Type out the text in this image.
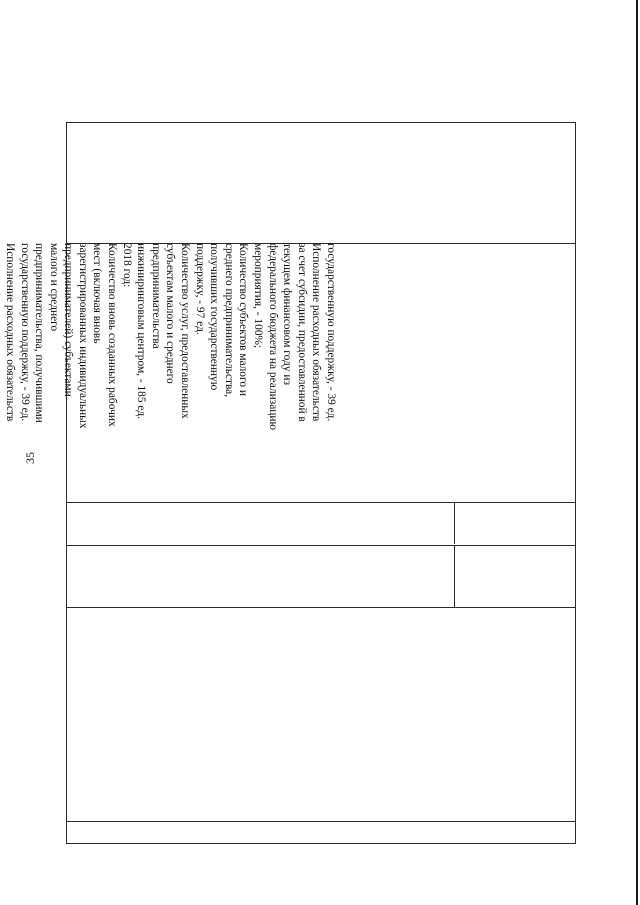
35
государственную поддержку, - 39 ед.
Исполнение расходных обязательств
за счет субсидии, предоставленной в
текущем финансовом году из
федерального бюджета на реализацию
мероприятия, - 100%;
Количество субъектов малого и
среднего предпринимательства,
получивших государственную
поддержку, - 97 ед.
Количество услуг, предоставленных
субъектам малого и среднего
предпринимательства
инжиниринговым центром, - 185 ед.
2018 год:
Количество вновь созданных рабочих
мест (включая вновь
зарегистрированных индивидуальных
предпринимателей) субъектами
малого и среднего
предпринимательства, получившими
государственную поддержку, - 39 ед.
Исполнение расходных обязательств
